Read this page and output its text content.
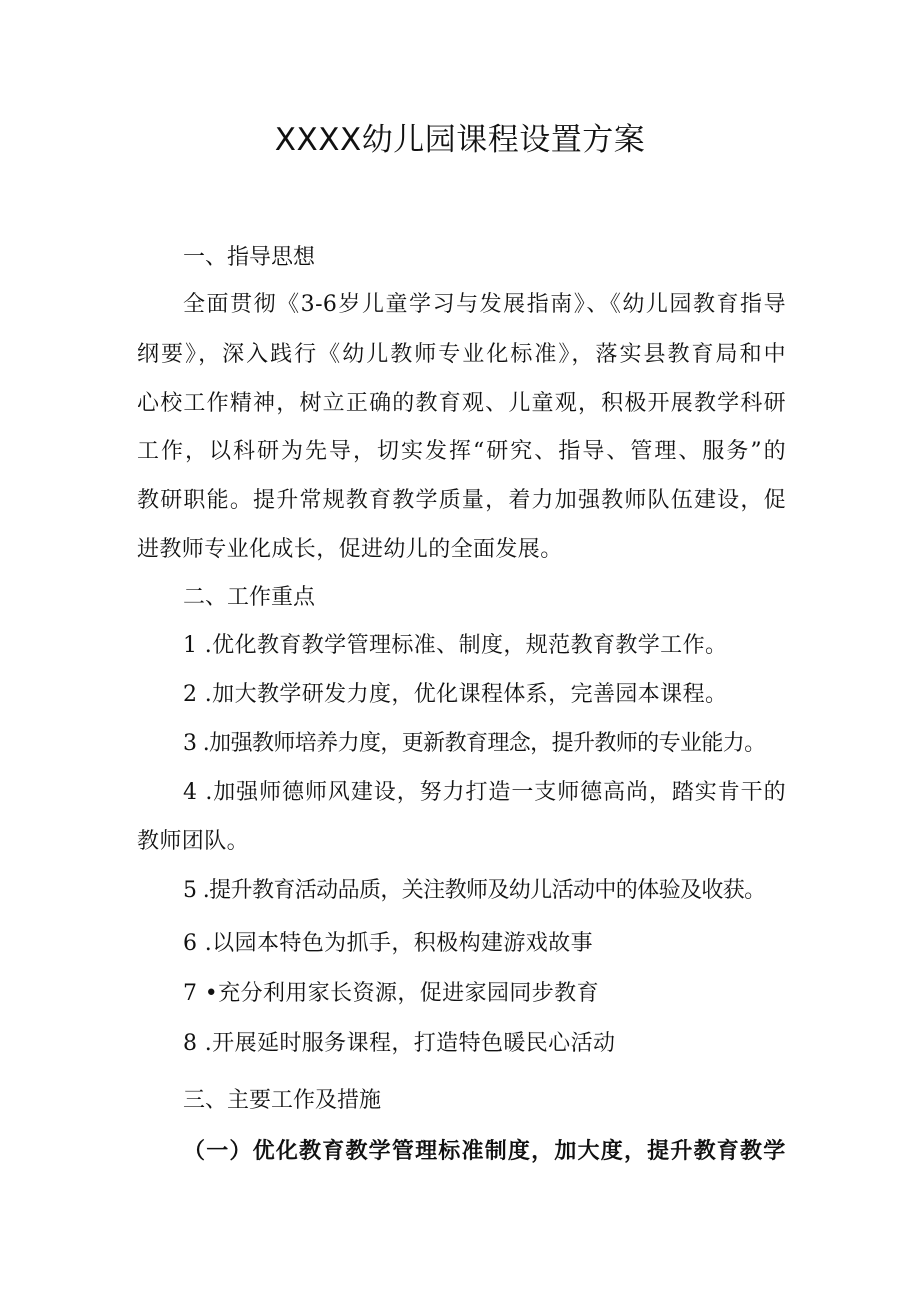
XXXX幼儿园课程设置方案
一、指导思想
全面贯彻《3-6岁儿童学习与发展指南》、《幼儿园教育指导
纲要》，深入践行《幼儿教师专业化标准》，落实县教育局和中
心校工作精神，树立正确的教育观、儿童观，积极开展教学科研
工作，以科研为先导，切实发挥“研究、指导、管理、服务”的
教研职能。提升常规教育教学质量，着力加强教师队伍建设，促
进教师专业化成长，促进幼儿的全面发展。
二、工作重点
1 .优化教育教学管理标准、制度，规范教育教学工作。
2 .加大教学研发力度，优化课程体系，完善园本课程。
3 .加强教师培养力度，更新教育理念，提升教师的专业能力。
4 .加强师德师风建设，努力打造一支师德高尚，踏实肯干的
教师团队。
5 .提升教育活动品质，关注教师及幼儿活动中的体验及收获。
6 .以园本特色为抓手，积极构建游戏故事
7 •充分利用家长资源，促进家园同步教育
8 .开展延时服务课程，打造特色暖民心活动
三、主要工作及措施
（一）优化教育教学管理标准制度，加大度，提升教育教学
